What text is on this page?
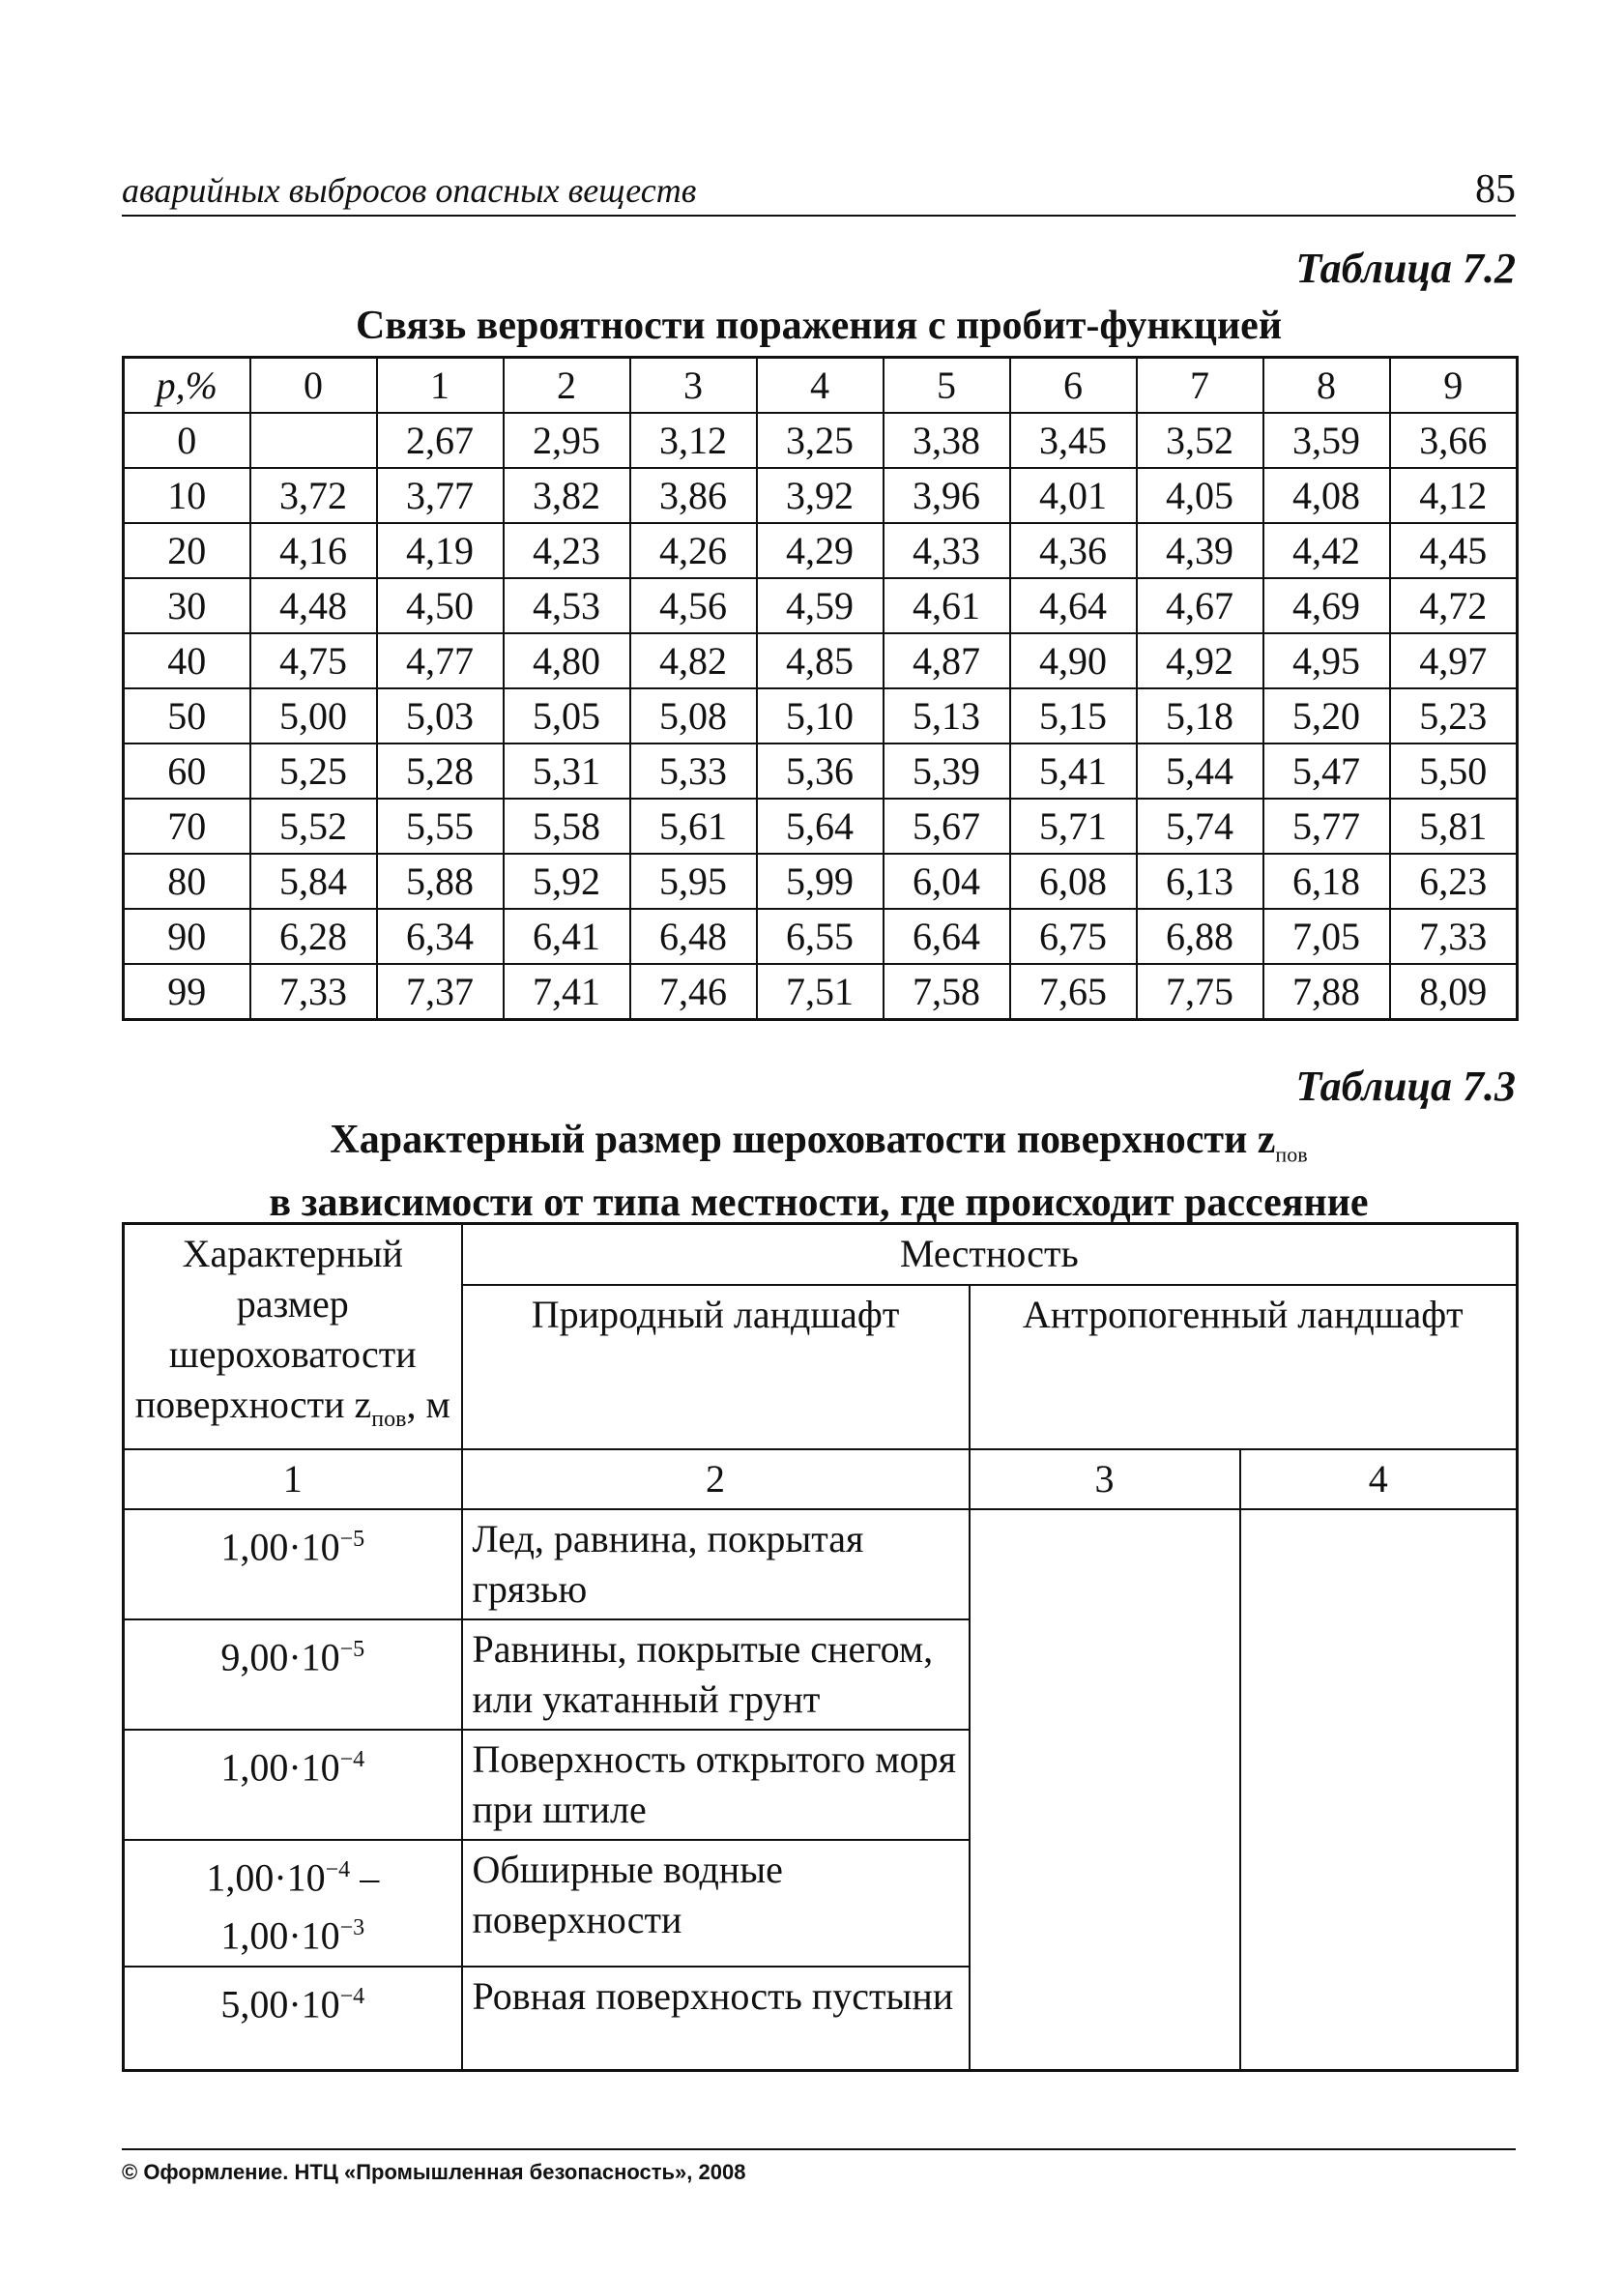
аварийных выбросов опасных веществ	85
Таблица 7.2
Связь вероятности поражения с пробит-функцией
р,%	0	1	2	3	4	5	6	7	8	9
0		2,67	2,95	3,12	3,25	3,38	3,45	3,52	3,59	3,66
10	3,72	3,77	3,82	3,86	3,92	3,96	4,01	4,05	4,08	4,12
20	4,16	4,19	4,23	4,26	4,29	4,33	4,36	4,39	4,42	4,45
30	4,48	4,50	4,53	4,56	4,59	4,61	4,64	4,67	4,69	4,72
40	4,75	4,77	4,80	4,82	4,85	4,87	4,90	4,92	4,95	4,97
50	5,00	5,03	5,05	5,08	5,10	5,13	5,15	5,18	5,20	5,23
60	5,25	5,28	5,31	5,33	5,36	5,39	5,41	5,44	5,47	5,50
70	5,52	5,55	5,58	5,61	5,64	5,67	5,71	5,74	5,77	5,81
80	5,84	5,88	5,92	5,95	5,99	6,04	6,08	6,13	6,18	6,23
90	6,28	6,34	6,41	6,48	6,55	6,64	6,75	6,88	7,05	7,33
99	7,33	7,37	7,41	7,46	7,51	7,58	7,65	7,75	7,88	8,09
Таблица 7.3
Характерный размер шероховатости поверхности $z_{пов}$
в зависимости от типа местности, где происходит рассеяние
Характерный размер шероховатости поверхности $z_{пов}$, м	Местность		
	Природный ландшафт	Антропогенный ландшафт	
1	2	3	4
$1,00\cdot 10^{-5}$	Лед, равнина, покрытая грязью		
$9,00\cdot 10^{-5}$	Равнины, покрытые снегом, или укатанный грунт		
$1,00\cdot 10^{-4}$	Поверхность открытого моря при штиле		

$1,00\cdot 10^{-4}$ –
$1,00\cdot 10^{-3}$	Обширные водные поверхности		
$5,00\cdot 10^{-4}$	Ровная поверхность пустыни		
© Оформление. НТЦ «Промышленная безопасность», 2008
